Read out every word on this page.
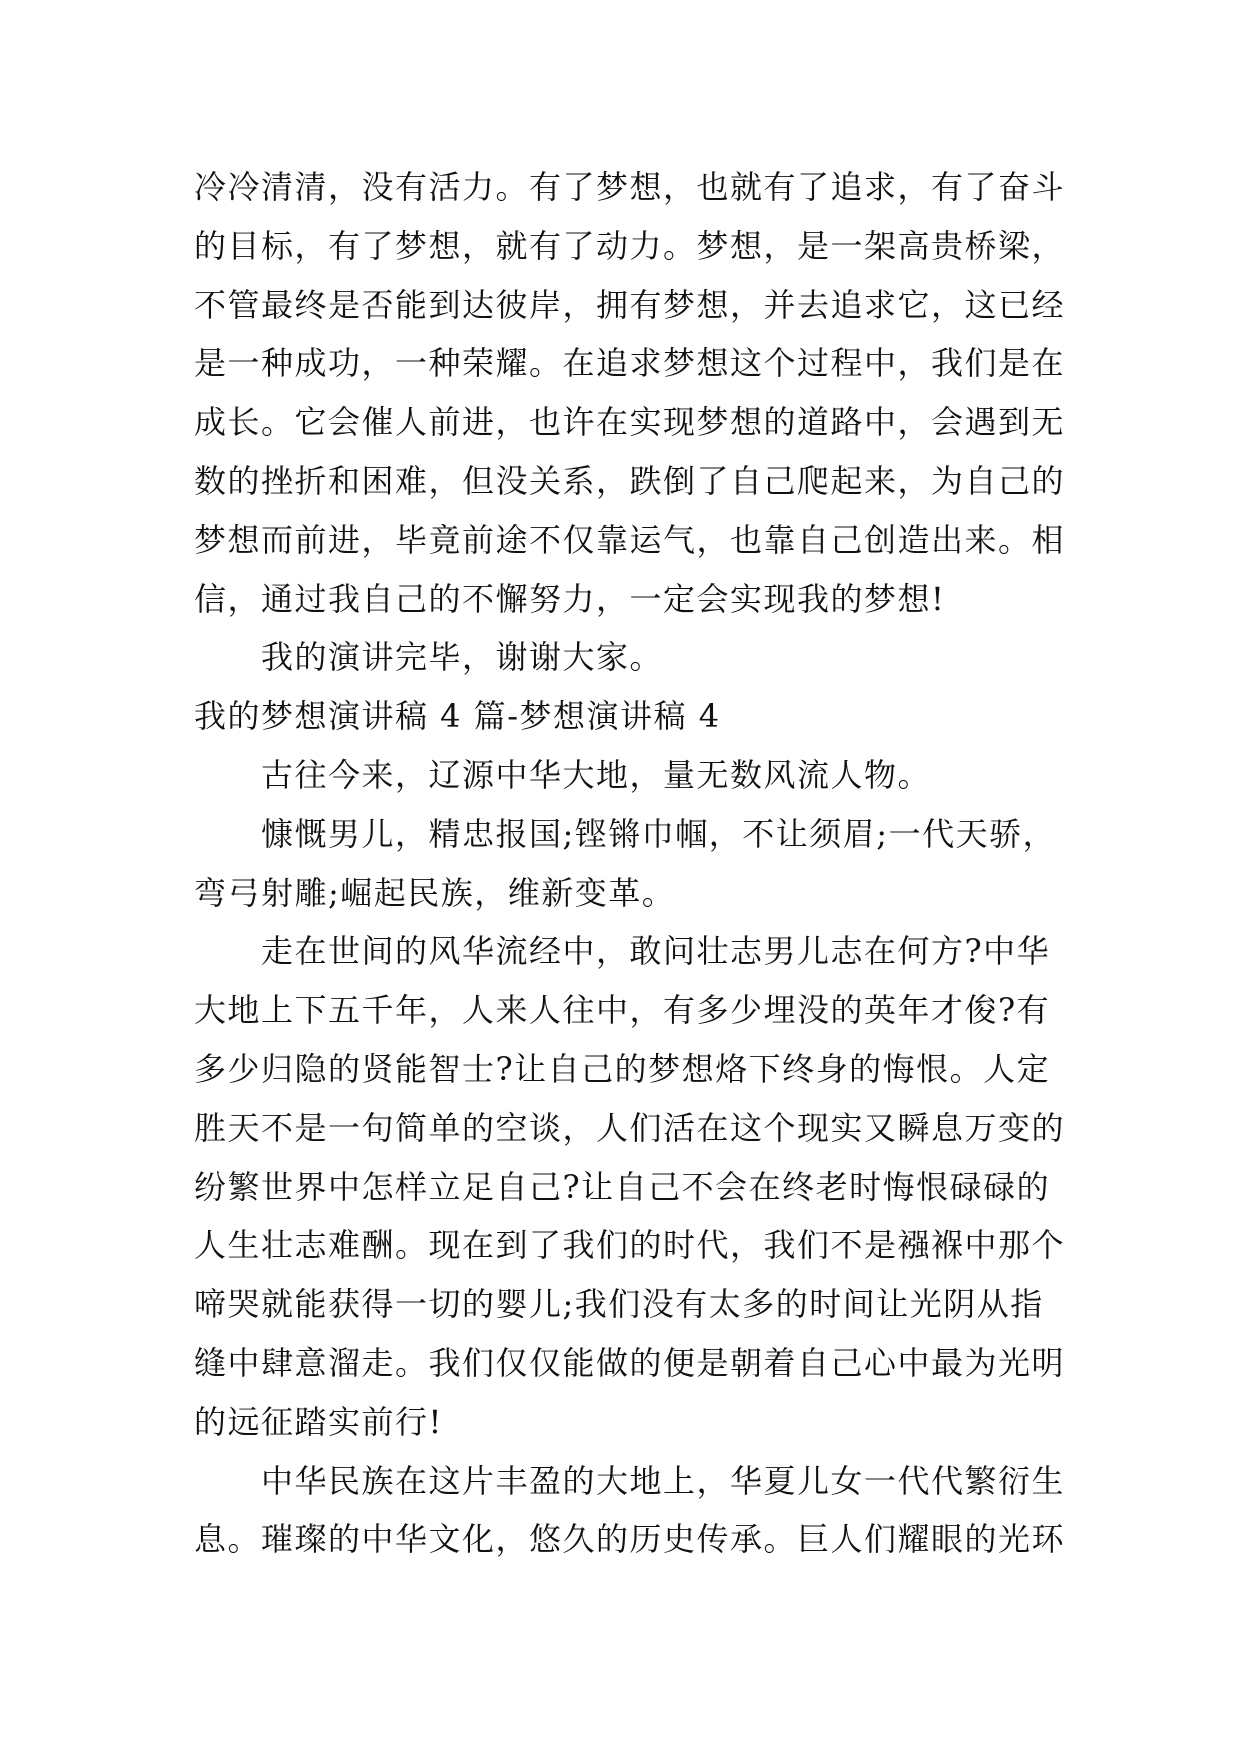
冷冷清清，没有活力。有了梦想，也就有了追求，有了奋斗
的目标，有了梦想，就有了动力。梦想，是一架高贵桥梁，
不管最终是否能到达彼岸，拥有梦想，并去追求它，这已经
是一种成功，一种荣耀。在追求梦想这个过程中，我们是在
成长。它会催人前进，也许在实现梦想的道路中，会遇到无
数的挫折和困难，但没关系，跌倒了自己爬起来，为自己的
梦想而前进，毕竟前途不仅靠运气，也靠自己创造出来。相
信，通过我自己的不懈努力，一定会实现我的梦想!
我的演讲完毕，谢谢大家。
我的梦想演讲稿 4 篇-梦想演讲稿 4
古往今来，辽源中华大地，量无数风流人物。
慷慨男儿，精忠报国;铿锵巾帼，不让须眉;一代天骄，
弯弓射雕;崛起民族，维新变革。
走在世间的风华流经中，敢问壮志男儿志在何方?中华
大地上下五千年，人来人往中，有多少埋没的英年才俊?有
多少归隐的贤能智士?让自己的梦想烙下终身的悔恨。人定
胜天不是一句简单的空谈，人们活在这个现实又瞬息万变的
纷繁世界中怎样立足自己?让自己不会在终老时悔恨碌碌的
人生壮志难酬。现在到了我们的时代，我们不是襁褓中那个
啼哭就能获得一切的婴儿;我们没有太多的时间让光阴从指
缝中肆意溜走。我们仅仅能做的便是朝着自己心中最为光明
的远征踏实前行!
中华民族在这片丰盈的大地上，华夏儿女一代代繁衍生
息。璀璨的中华文化，悠久的历史传承。巨人们耀眼的光环
